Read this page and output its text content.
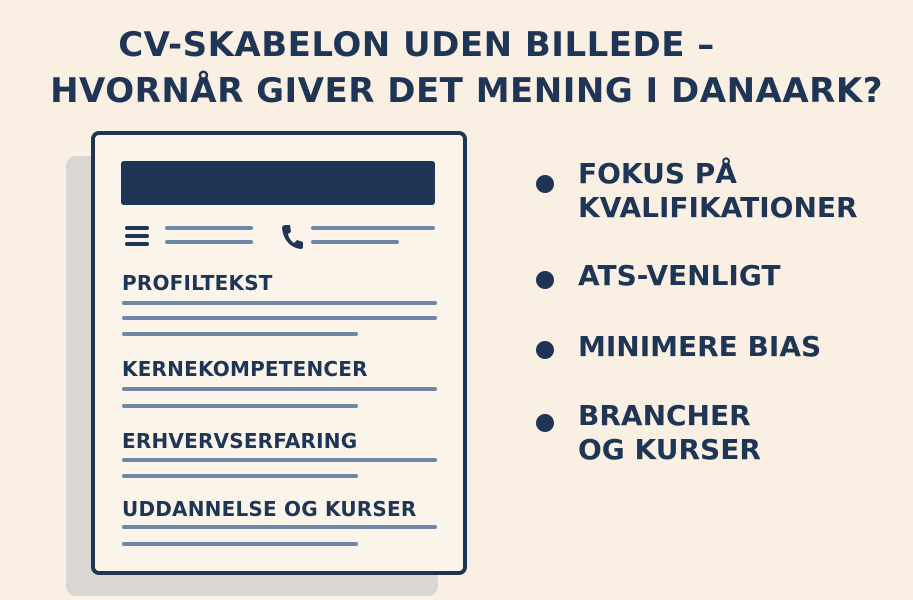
CV-SKABELON UDEN BILLEDE –
HVORNÅR GIVER DET MENING I DANAARK?
PROFILTEKST
KERNEKOMPETENCER
ERHVERVSERFARING
UDDANNELSE OG KURSER
FOKUS PÅ
KVALIFIKATIONER
ATS-VENLIGT
MINIMERE BIAS
BRANCHER
OG KURSER
